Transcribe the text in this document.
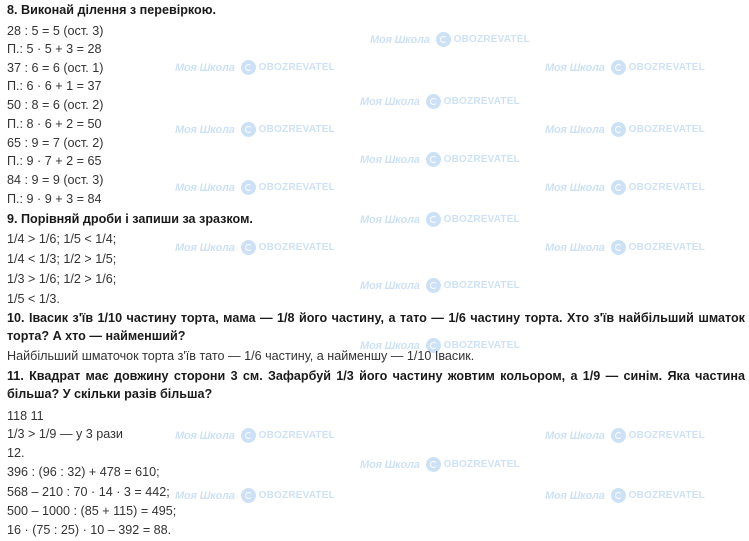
Моя Школа OBOZREVATEL
Моя Школа OBOZREVATEL	Моя Школа OBOZREVATEL
Моя Школа OBOZREVATEL
Моя Школа OBOZREVATEL	Моя Школа OBOZREVATEL
Моя Школа OBOZREVATEL
Моя Школа OBOZREVATEL	Моя Школа OBOZREVATEL
Моя Школа OBOZREVATEL
Моя Школа OBOZREVATEL	Моя Школа OBOZREVATEL
Моя Школа OBOZREVATEL
Моя Школа OBOZREVATEL
Моя Школа OBOZREVATEL	Моя Школа OBOZREVATEL
Моя Школа OBOZREVATEL
Моя Школа OBOZREVATEL	Моя Школа OBOZREVATEL
8. Виконай ділення з перевіркою.
28 : 5 = 5 (ост. 3)
П.: 5 · 5 + 3 = 28
37 : 6 = 6 (ост. 1)
П.: 6 · 6 + 1 = 37
50 : 8 = 6 (ост. 2)
П.: 8 · 6 + 2 = 50
65 : 9 = 7 (ост. 2)
П.: 9 · 7 + 2 = 65
84 : 9 = 9 (ост. 3)
П.: 9 · 9 + 3 = 84
9. Порівняй дроби і запиши за зразком.
1/4 > 1/6; 1/5 < 1/4;
1/4 < 1/3; 1/2 > 1/5;
1/3 > 1/6; 1/2 > 1/6;
1/5 < 1/3.
10. Івасик з'їв 1/10 частину торта, мама — 1/8 його частину, а тато — 1/6 частину торта. Хто з'їв найбільший шматок торта? А хто — найменший?
Найбільший шматочок торта з'їв тато — 1/6 частину, а найменшу — 1/10 Івасик.
11. Квадрат має довжину сторони 3 см. Зафарбуй 1/3 його частину жовтим кольором, а 1/9 — синім. Яка частина більша? У скільки разів більша?
118 11
1/3 > 1/9 — у 3 рази
12.
396 : (96 : 32) + 478 = 610;
568 – 210 : 70 · 14 · 3 = 442;
500 – 1000 : (85 + 115) = 495;
16 · (75 : 25) · 10 – 392 = 88.
